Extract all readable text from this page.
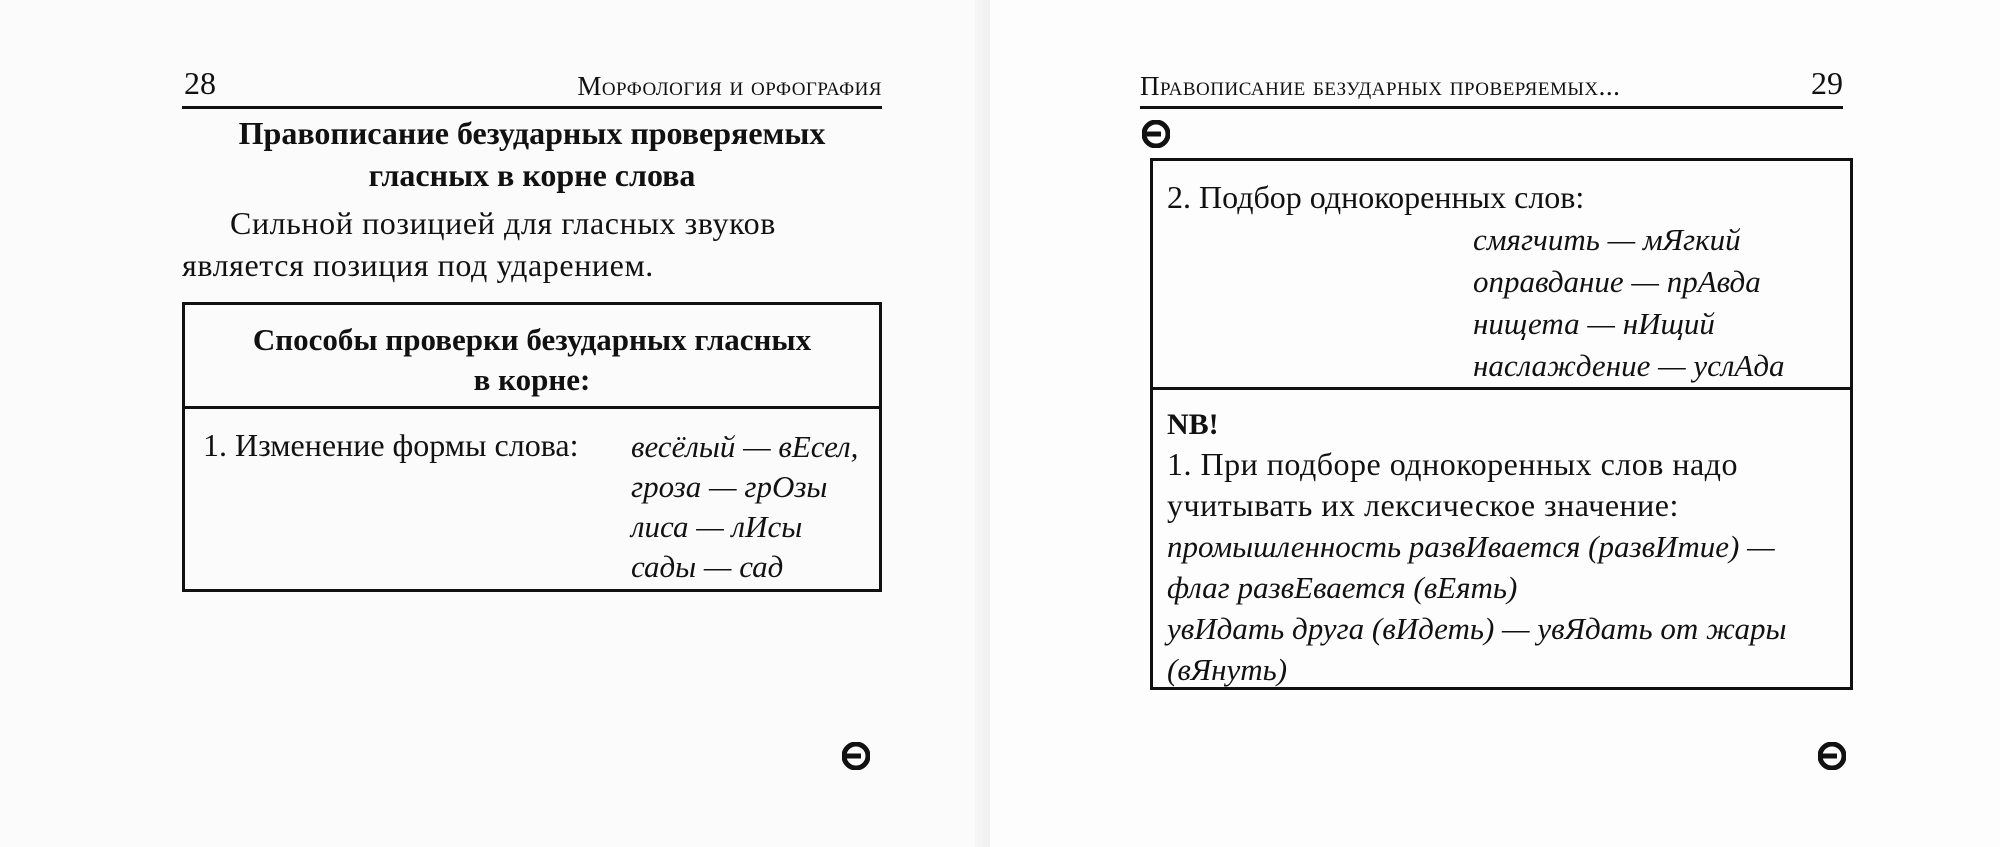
28	Морфология и орфография
Правописание безударных проверяемых
гласных в корне слова
Сильной позицией для гласных звуков
является позиция под ударением.
Способы проверки безударных гласных
в корне:
1. Изменение формы слова: весёлый — вЕсел,
гроза — грОзы
лиса — лИсы
сады — сад
Правописание безударных проверяемых...	29
2. Подбор однокоренных слов:
смягчить — мЯгкий
оправдание — прАвда
нищета — нИщий
наслаждение — услАда
NB!
1. При подборе однокоренных слов надо
учитывать их лексическое значение:
промышленность развИвается (развИтие) —
флаг развЕвается (вЕять)
увИдать друга (вИдеть) — увЯдать от жары
(вЯнуть)
